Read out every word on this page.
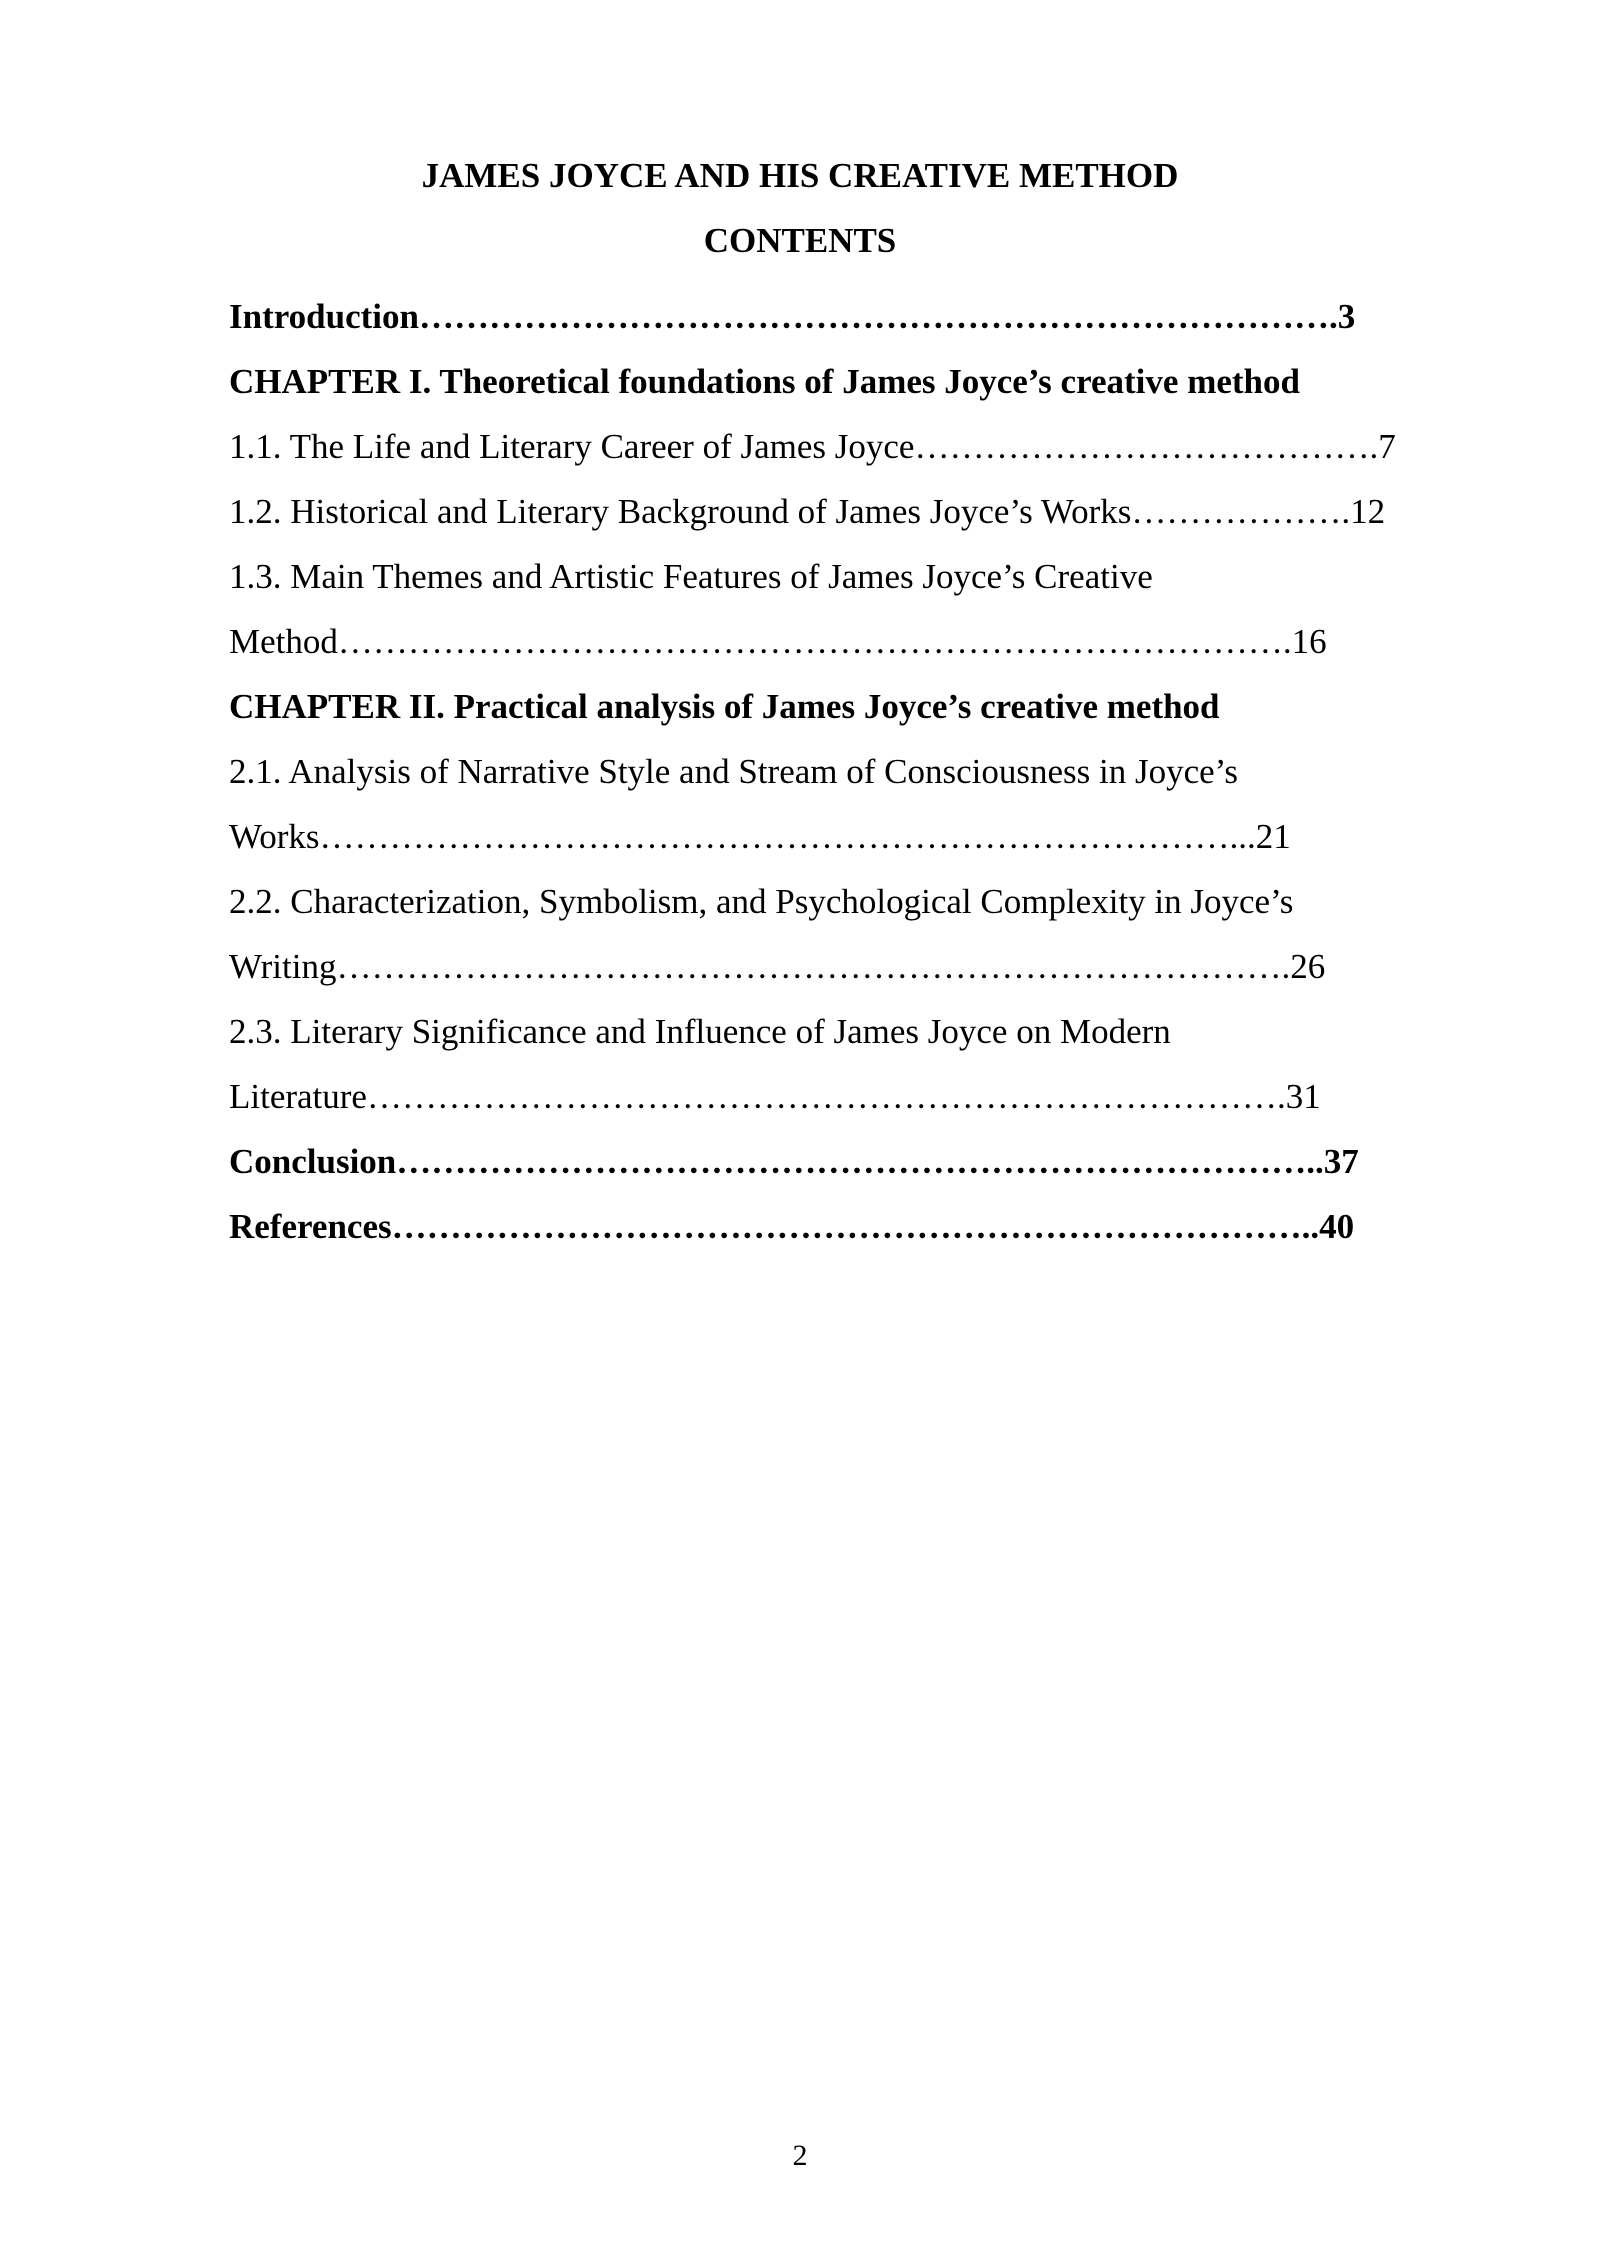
JAMES JOYCE AND HIS CREATIVE METHOD
CONTENTS
Introduction…………………………………………………………………….3
CHAPTER I. Theoretical foundations of James Joyce’s creative method
1.1. The Life and Literary Career of James Joyce………………………………….7
1.2. Historical and Literary Background of James Joyce’s Works……………….12
1.3. Main Themes and Artistic Features of James Joyce’s Creative
Method……………………………………………………………………….16
CHAPTER II. Practical analysis of James Joyce’s creative method
2.1. Analysis of Narrative Style and Stream of Consciousness in Joyce’s
Works……………………………………………………………………...21
2.2. Characterization, Symbolism, and Psychological Complexity in Joyce’s
Writing……………………………………………………………………….26
2.3. Literary Significance and Influence of James Joyce on Modern
Literature…………………………………………………………………….31
Conclusion……………………………………………………………………..37
References……………………………………………………………………..40
2
